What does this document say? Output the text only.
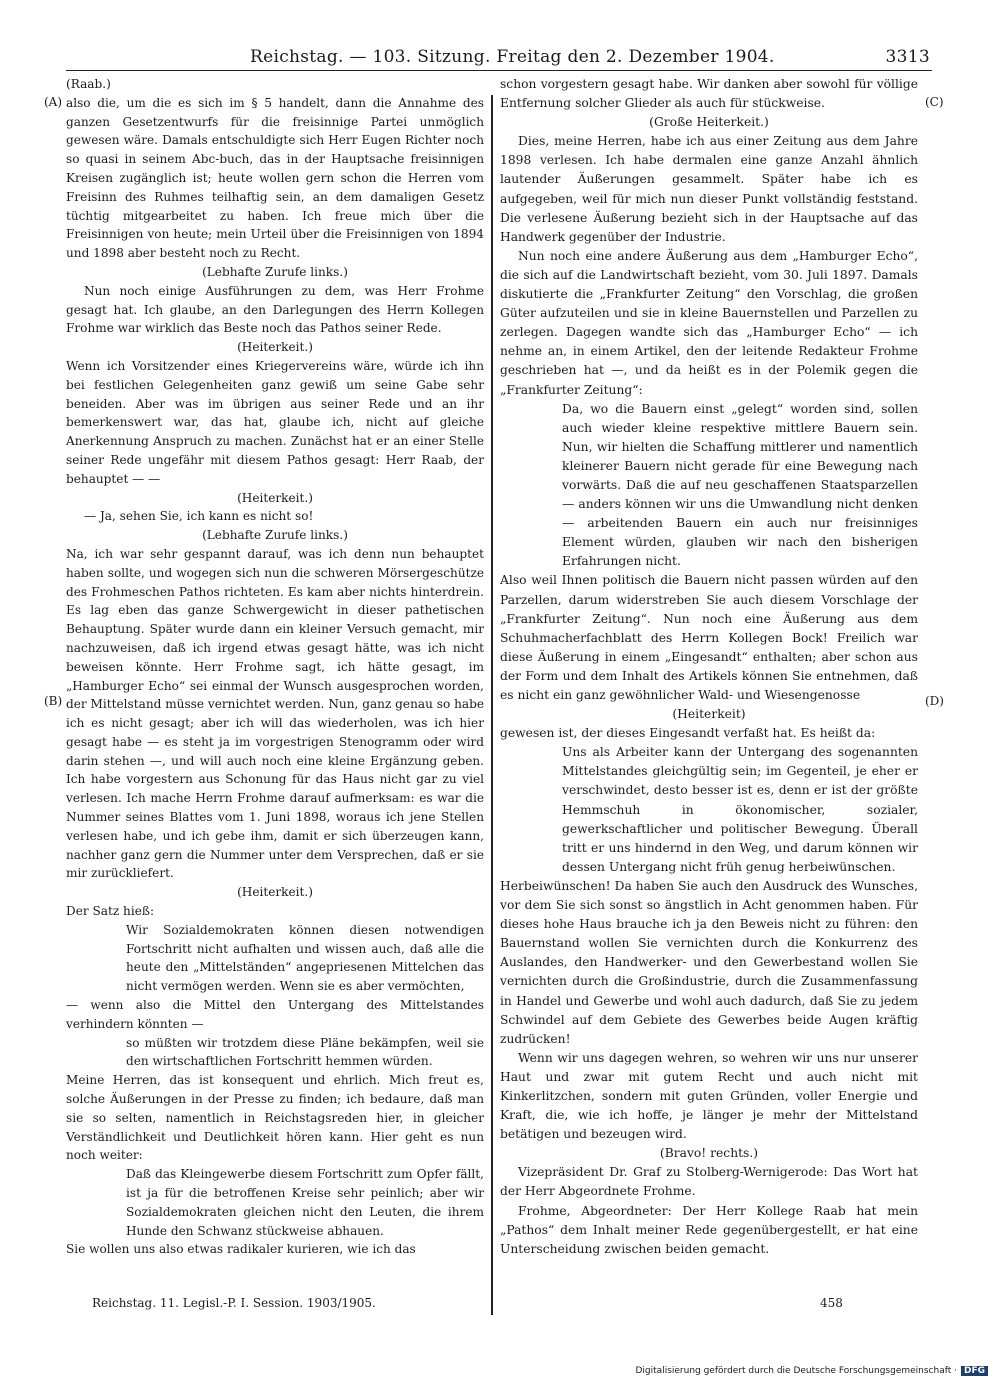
Reichstag. — 103. Sitzung. Freitag den 2. Dezember 1904.	3313
(A)
(B)
(C)
(D)

(Raab.)

also die, um die es sich im § 5 handelt, dann die Annahme des ganzen Gesetzentwurfs für die freisinnige Partei unmöglich gewesen wäre. Damals entschuldigte sich Herr Eugen Richter noch so quasi in seinem Abc-buch, das in der Hauptsache freisinnigen Kreisen zugänglich ist; heute wollen gern schon die Herren vom Freisinn des Ruhmes teilhaftig sein, an dem damaligen Gesetz tüchtig mitgearbeitet zu haben. Ich freue mich über die Freisinnigen von heute; mein Urteil über die Freisinnigen von 1894 und 1898 aber besteht noch zu Recht.

(Lebhafte Zurufe links.)

Nun noch einige Ausführungen zu dem, was Herr Frohme gesagt hat. Ich glaube, an den Darlegungen des Herrn Kollegen Frohme war wirklich das Beste noch das Pathos seiner Rede.

(Heiterkeit.)

Wenn ich Vorsitzender eines Kriegervereins wäre, würde ich ihn bei festlichen Gelegenheiten ganz gewiß um seine Gabe sehr beneiden. Aber was im übrigen aus seiner Rede und an ihr bemerkenswert war, das hat, glaube ich, nicht auf gleiche Anerkennung Anspruch zu machen. Zunächst hat er an einer Stelle seiner Rede ungefähr mit diesem Pathos gesagt: Herr Raab, der behauptet — —

(Heiterkeit.)

— Ja, sehen Sie, ich kann es nicht so!

(Lebhafte Zurufe links.)

Na, ich war sehr gespannt darauf, was ich denn nun behauptet haben sollte, und wogegen sich nun die schweren Mörsergeschütze des Frohmeschen Pathos richteten. Es kam aber nichts hinterdrein. Es lag eben das ganze Schwergewicht in dieser pathetischen Behauptung. Später wurde dann ein kleiner Versuch gemacht, mir nachzuweisen, daß ich irgend etwas gesagt hätte, was ich nicht beweisen könnte. Herr Frohme sagt, ich hätte gesagt, im „Hamburger Echo“ sei einmal der Wunsch ausgesprochen worden, der Mittelstand müsse vernichtet werden. Nun, ganz genau so habe ich es nicht gesagt; aber ich will das wiederholen, was ich hier gesagt habe — es steht ja im vorgestrigen Stenogramm oder wird darin stehen —, und will auch noch eine kleine Ergänzung geben. Ich habe vorgestern aus Schonung für das Haus nicht gar zu viel verlesen. Ich mache Herrn Frohme darauf aufmerksam: es war die Nummer seines Blattes vom 1. Juni 1898, woraus ich jene Stellen verlesen habe, und ich gebe ihm, damit er sich überzeugen kann, nachher ganz gern die Nummer unter dem Versprechen, daß er sie mir zurückliefert.

(Heiterkeit.)

Der Satz hieß:

Wir Sozialdemokraten können diesen notwendigen Fortschritt nicht aufhalten und wissen auch, daß alle die heute den „Mittelständen“ angepriesenen Mittelchen das nicht vermögen werden. Wenn sie es aber vermöchten,

— wenn also die Mittel den Untergang des Mittelstandes verhindern könnten —

so müßten wir trotzdem diese Pläne bekämpfen, weil sie den wirtschaftlichen Fortschritt hemmen würden.

Meine Herren, das ist konsequent und ehrlich. Mich freut es, solche Äußerungen in der Presse zu finden; ich bedaure, daß man sie so selten, namentlich in Reichstagsreden hier, in gleicher Verständlichkeit und Deutlichkeit hören kann. Hier geht es nun noch weiter:

Daß das Kleingewerbe diesem Fortschritt zum Opfer fällt, ist ja für die betroffenen Kreise sehr peinlich; aber wir Sozialdemokraten gleichen nicht den Leuten, die ihrem Hunde den Schwanz stückweise abhauen.

Sie wollen uns also etwas radikaler kurieren, wie ich das

schon vorgestern gesagt habe. Wir danken aber sowohl für völlige Entfernung solcher Glieder als auch für stückweise.

(Große Heiterkeit.)

Dies, meine Herren, habe ich aus einer Zeitung aus dem Jahre 1898 verlesen. Ich habe dermalen eine ganze Anzahl ähnlich lautender Äußerungen gesammelt. Später habe ich es aufgegeben, weil für mich nun dieser Punkt vollständig feststand. Die verlesene Äußerung bezieht sich in der Hauptsache auf das Handwerk gegenüber der Industrie.

Nun noch eine andere Äußerung aus dem „Hamburger Echo“, die sich auf die Landwirtschaft bezieht, vom 30. Juli 1897. Damals diskutierte die „Frankfurter Zeitung“ den Vorschlag, die großen Güter aufzuteilen und sie in kleine Bauernstellen und Parzellen zu zerlegen. Dagegen wandte sich das „Hamburger Echo“ — ich nehme an, in einem Artikel, den der leitende Redakteur Frohme geschrieben hat —, und da heißt es in der Polemik gegen die „Frankfurter Zeitung“:

Da, wo die Bauern einst „gelegt“ worden sind, sollen auch wieder kleine respektive mittlere Bauern sein. Nun, wir hielten die Schaffung mittlerer und namentlich kleinerer Bauern nicht gerade für eine Bewegung nach vorwärts. Daß die auf neu geschaffenen Staatsparzellen — anders können wir uns die Umwandlung nicht denken — arbeitenden Bauern ein auch nur freisinniges Element würden, glauben wir nach den bisherigen Erfahrungen nicht.

Also weil Ihnen politisch die Bauern nicht passen würden auf den Parzellen, darum widerstreben Sie auch diesem Vorschlage der „Frankfurter Zeitung“. Nun noch eine Äußerung aus dem Schuhmacherfachblatt des Herrn Kollegen Bock! Freilich war diese Äußerung in einem „Eingesandt“ enthalten; aber schon aus der Form und dem Inhalt des Artikels können Sie entnehmen, daß es nicht ein ganz gewöhnlicher Wald- und Wiesengenosse

(Heiterkeit)

gewesen ist, der dieses Eingesandt verfaßt hat. Es heißt da:

Uns als Arbeiter kann der Untergang des sogenannten Mittelstandes gleichgültig sein; im Gegenteil, je eher er verschwindet, desto besser ist es, denn er ist der größte Hemmschuh in ökonomischer, sozialer, gewerkschaftlicher und politischer Bewegung. Überall tritt er uns hindernd in den Weg, und darum können wir dessen Untergang nicht früh genug herbeiwünschen.

Herbeiwünschen! Da haben Sie auch den Ausdruck des Wunsches, vor dem Sie sich sonst so ängstlich in Acht genommen haben. Für dieses hohe Haus brauche ich ja den Beweis nicht zu führen: den Bauernstand wollen Sie vernichten durch die Konkurrenz des Auslandes, den Handwerker- und den Gewerbestand wollen Sie vernichten durch die Großindustrie, durch die Zusammenfassung in Handel und Gewerbe und wohl auch dadurch, daß Sie zu jedem Schwindel auf dem Gebiete des Gewerbes beide Augen kräftig zudrücken!

Wenn wir uns dagegen wehren, so wehren wir uns nur unserer Haut und zwar mit gutem Recht und auch nicht mit Kinkerlitzchen, sondern mit guten Gründen, voller Energie und Kraft, die, wie ich hoffe, je länger je mehr der Mittelstand betätigen und bezeugen wird.

(Bravo! rechts.)

Vizepräsident Dr. Graf zu Stolberg-Wernigerode: Das Wort hat der Herr Abgeordnete Frohme.

Frohme, Abgeordneter: Der Herr Kollege Raab hat mein „Pathos“ dem Inhalt meiner Rede gegenübergestellt, er hat eine Unterscheidung zwischen beiden gemacht.

Reichstag. 11. Legisl.-P. I. Session. 1903/1905.	458
Digitalisierung gefördert durch die Deutsche Forschungsgemeinschaft · DFG
